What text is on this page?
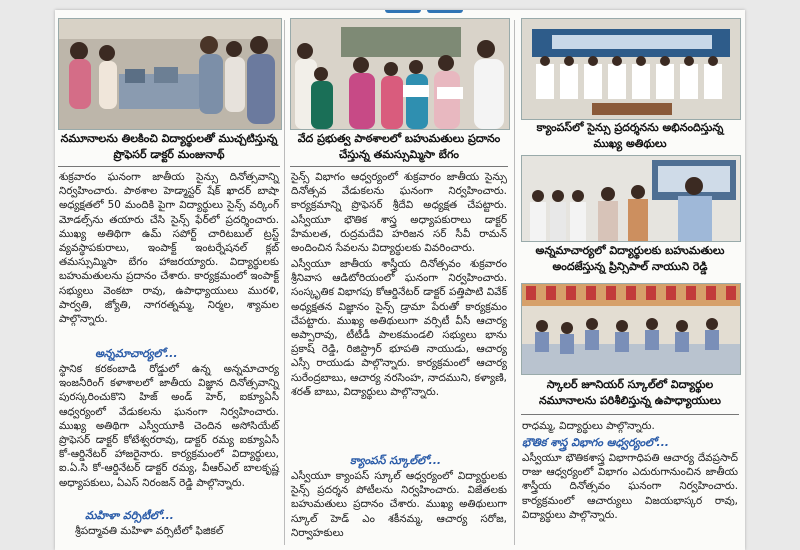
నమూనాలను తిలకించి విద్యార్థులతో ముచ్చటిస్తున్న ప్రొఫెసర్ డాక్టర్ మంజునాథ్

శుక్రవారం ఘనంగా జాతీయ సైన్సు దినోత్సవాన్ని నిర్వహించారు. పాఠశాల హెడ్మాస్టర్ షేక్ ఖాదర్ బాషా అధ్యక్షతలో 50 మందికి పైగా విద్యార్థులు సైన్స్ వర్కింగ్ మోడల్స్‌ను తయారు చేసి సైన్స్ ఫేర్‌లో ప్రదర్శించారు. ముఖ్య అతిథిగా ఉమ్ సపోర్ట్ చారిటబుల్ ట్రస్ట్ వ్యవస్థాపకురాలు, ఇంపాక్ట్ ఇంటర్నేషనల్ క్లబ్ తమస్సుమ్మిసా బేగం హాజరయ్యారు. విద్యార్థులకు బహుమతులను ప్రదానం చేశారు. కార్యక్రమంలో ఇంపాక్ట్ సభ్యులు వెంకటా రావు, ఉపాధ్యాయులు మురళి, పార్వతి, జ్యోతి, నాగరత్నమ్మ, నిర్మల, శ్యామల పాల్గొన్నారు.

అన్నమాచార్యలో...

స్థానిక కరకంబాడి రోడ్డులో ఉన్న అన్నమాచార్య ఇంజనీరింగ్ కళాశాలలో జాతీయ విజ్ఞాన దినోత్సవాన్ని పురస్కరించుకొని హిజ్ అండ్ హెర్, ఐక్యూఏసీ ఆధ్వర్యంలో వేడుకలను ఘనంగా నిర్వహించారు. ముఖ్య అతిథిగా ఎస్వీయూకి చెందిన అసోసియేట్ ప్రొఫెసర్ డాక్టర్ కోటేశ్వరరావు, డాక్టర్ రమ్య ఐక్యూఏసీ కో-ఆర్డినేటర్ హాజరైనారు. కార్యక్రమంలో విద్యార్థులు, ఐ.ఏ.సి కో-ఆర్డినేటర్ డాక్టర్ రమ్య, వీఆర్‌ఎల్ బాలకృష్ణ అధ్యాపకులు, ఏఎస్ నిరంజన్ రెడ్డి పాల్గొన్నారు.

మహిళా వర్సిటీలో...

శ్రీపద్మావతి మహిళా వర్సిటీలో ఫిజికల్

వేద ప్రభుత్వ పాఠశాలలో బహుమతులు ప్రదానం చేస్తున్న తమస్సుమ్మిసా బేగం

సైన్స్ విభాగం ఆధ్వర్యంలో శుక్రవారం జాతీయ సైన్సు దినోత్సవ వేడుకలను ఘనంగా నిర్వహించారు. కార్యక్రమాన్ని ప్రొఫెసర్ శ్రీదేవి అధ్యక్షత చేపట్టారు. ఎస్వీయూ భౌతిక శాస్త్ర అధ్యాపకురాలు డాక్టర్ హేమలత, రుద్రమదేవి హరిజన సర్ సీవీ రామన్ అందించిన సేవలను విద్యార్థులకు వివరించారు.

ఎస్వీయూ జాతీయ శాస్త్రీయ దినోత్సవం శుక్రవారం శ్రీనివాస ఆడిటోరియంలో ఘనంగా నిర్వహించారు. సంస్కృతిక విభాగపు కోఆర్డినేటర్ డాక్టర్ పత్తిపాటి వివేక్ అధ్యక్షతన విజ్ఞానం సైన్స్ డ్రామా పేరుతో కార్యక్రమం చేపట్టారు. ముఖ్య అతిథులుగా వర్సిటీ వీసీ ఆచార్య అప్పారావు, టీటీడీ పాలకమండలి సభ్యులు భాను ప్రకాష్ రెడ్డి, రిజిస్ట్రార్ భూపతి నాయుడు, ఆచార్య ఎస్సీ రాయుడు పాల్గొన్నారు. కార్యక్రమంలో ఆచార్య సురేంద్రబాబు, ఆచార్య నరసింహ, నాదముని, కళ్యాణి, శరత్ బాబు, విద్యార్థులు పాల్గొన్నారు.

క్యాంపస్ స్కూల్‌లో...

ఎస్వీయూ క్యాంపస్ స్కూల్ ఆధ్వర్యంలో విద్యార్థులకు సైన్స్ ప్రదర్శన పోటీలను నిర్వహించారు. విజేతలకు బహుమతులు ప్రదానం చేశారు. ముఖ్య అతిథులుగా స్కూల్ హెడ్ ఎం శకీనమ్మ, ఆచార్య సరోజ, నిర్వాహకులు

క్యాంపస్‌లో సైన్సు ప్రదర్శనను అభినందిస్తున్న ముఖ్య అతిథులు

అన్నమాచార్యలో విద్యార్థులకు బహుమతులు అందజేస్తున్న ప్రిన్సిపాల్ నాయుని రెడ్డి

స్కాలర్ జూనియర్ స్కూల్‌లో విద్యార్థుల నమూనాలను పరిశీలిస్తున్న ఉపాధ్యాయులు

రాధమ్మ, విద్యార్థులు పాల్గొన్నారు.

భౌతిక శాస్త్ర విభాగం ఆధ్వర్యంలో...

ఎస్వీయూ భౌతికశాస్త్ర విభాగాధిపతి ఆచార్య దేవప్రసాద్ రాజు ఆధ్వర్యంలో విభాగం ఎదురుగానుంచిన జాతీయ శాస్త్రీయ దినోత్సవం ఘనంగా నిర్వహించారు. కార్యక్రమంలో ఆచార్యులు విజయభాస్కర రావు, విద్యార్థులు పాల్గొన్నారు.
